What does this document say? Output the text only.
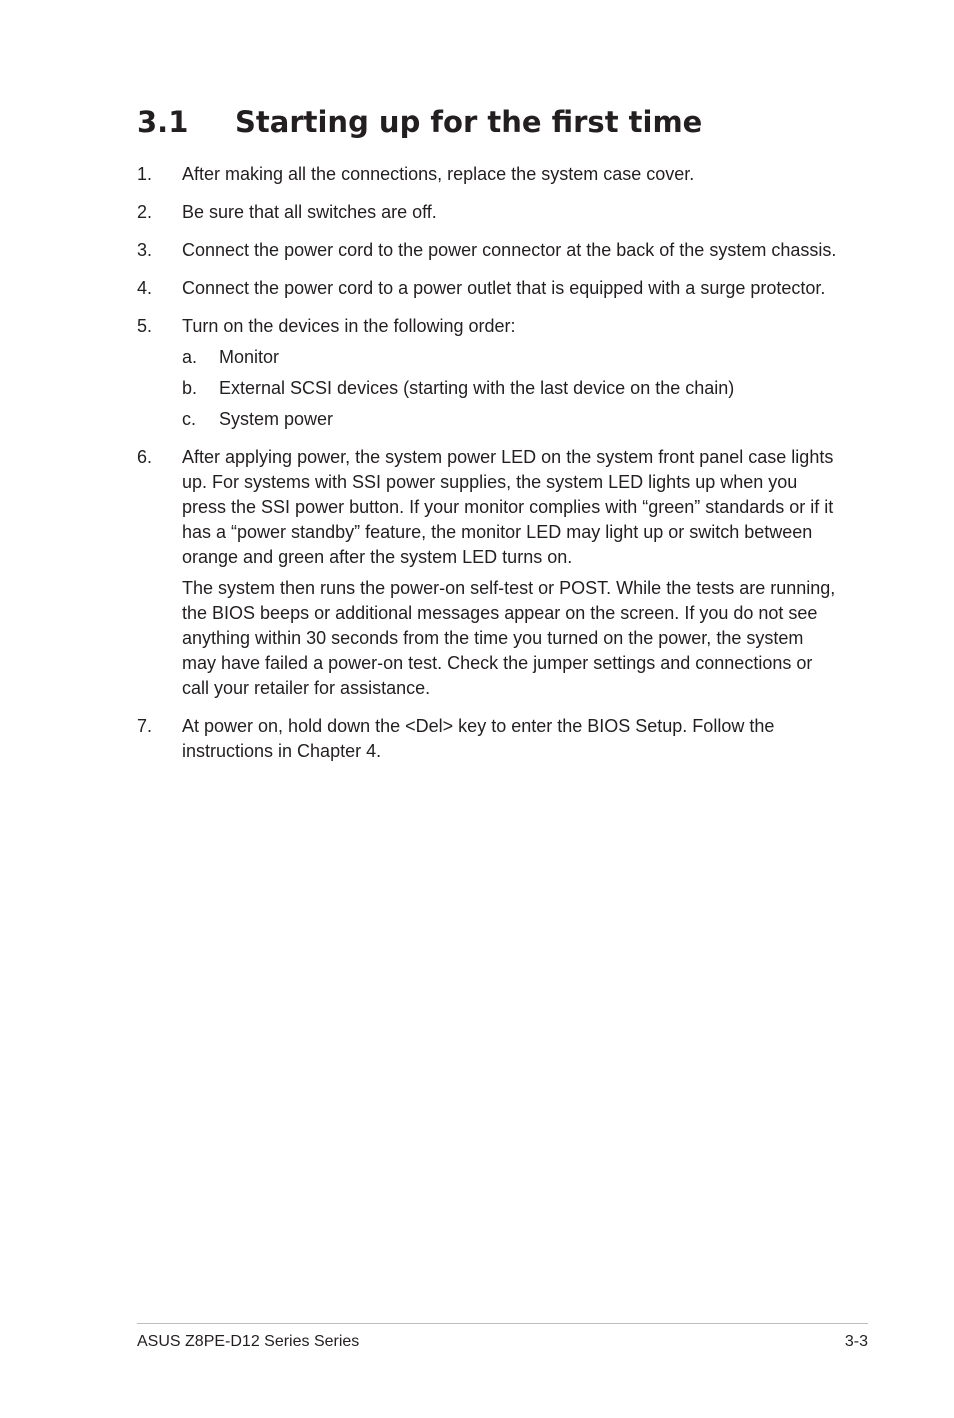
3.1 Starting up for the first time
1. After making all the connections, replace the system case cover.
2. Be sure that all switches are off.
3. Connect the power cord to the power connector at the back of the system chassis.
4. Connect the power cord to a power outlet that is equipped with a surge protector.
5. Turn on the devices in the following order:
a. Monitor
b. External SCSI devices (starting with the last device on the chain)
c. System power
6. After applying power, the system power LED on the system front panel case lights up. For systems with SSI power supplies, the system LED lights up when you press the SSI power button. If your monitor complies with “green” standards or if it has a “power standby” feature, the monitor LED may light up or switch between orange and green after the system LED turns on.
The system then runs the power-on self-test or POST. While the tests are running, the BIOS beeps or additional messages appear on the screen. If you do not see anything within 30 seconds from the time you turned on the power, the system may have failed a power-on test. Check the jumper settings and connections or call your retailer for assistance.
7. At power on, hold down the <Del> key to enter the BIOS Setup. Follow the instructions in Chapter 4.
ASUS Z8PE-D12 Series Series	3-3
